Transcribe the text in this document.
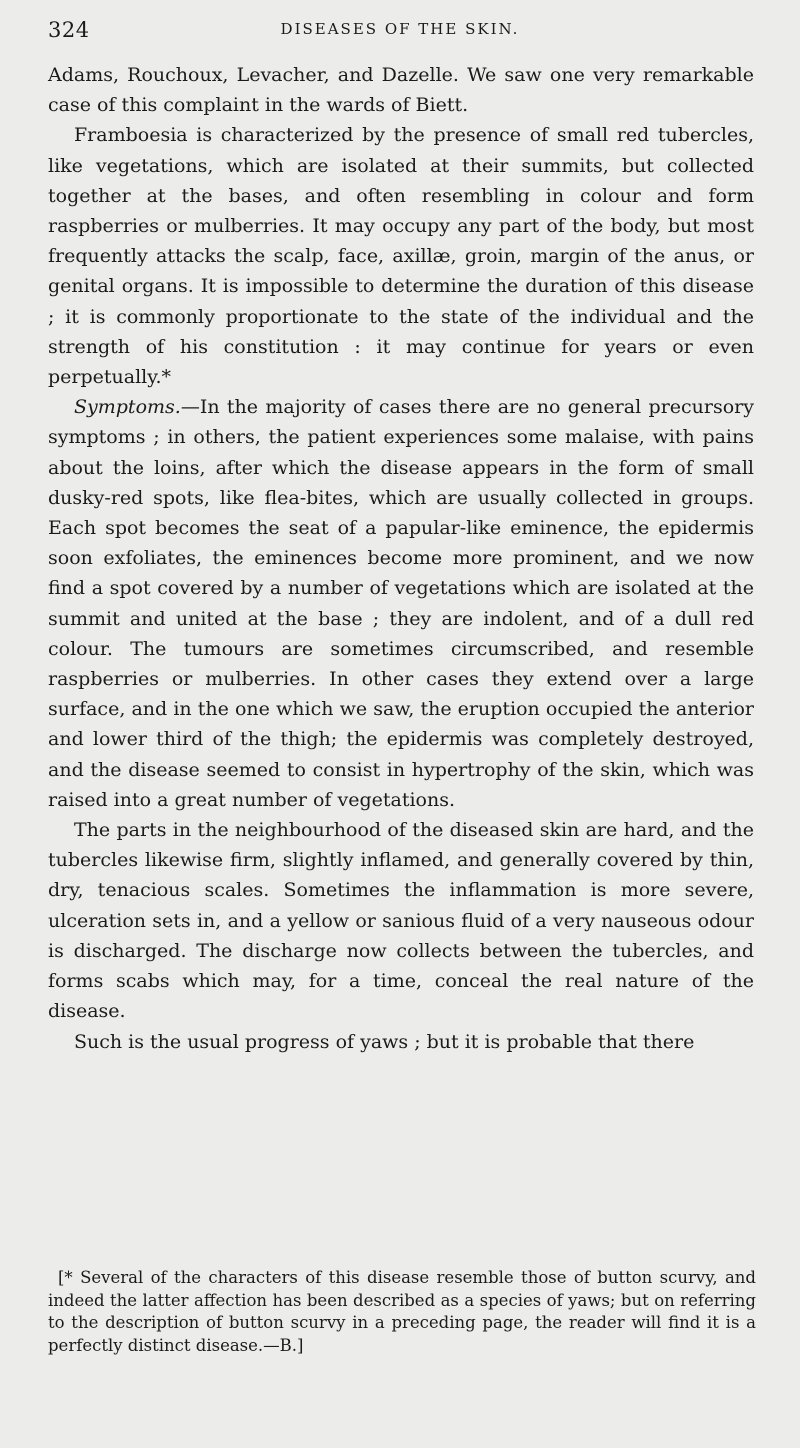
324	DISEASES OF THE SKIN.

Adams, Rouchoux, Levacher, and Dazelle. We saw one very remarkable case of this complaint in the wards of Biett.

Framboesia is characterized by the presence of small red tubercles, like vegetations, which are isolated at their summits, but collected together at the bases, and often resembling in colour and form raspberries or mulberries. It may occupy any part of the body, but most frequently attacks the scalp, face, axillæ, groin, margin of the anus, or genital organs. It is impossible to determine the duration of this disease ; it is commonly proportionate to the state of the individual and the strength of his constitution : it may continue for years or even perpetually.*

Symptoms.—In the majority of cases there are no general precursory symptoms ; in others, the patient experiences some malaise, with pains about the loins, after which the disease appears in the form of small dusky-red spots, like flea-bites, which are usually collected in groups. Each spot becomes the seat of a papular-like eminence, the epidermis soon exfoliates, the eminences become more prominent, and we now find a spot covered by a number of vegetations which are isolated at the summit and united at the base ; they are indolent, and of a dull red colour. The tumours are sometimes circumscribed, and resemble raspberries or mulberries. In other cases they extend over a large surface, and in the one which we saw, the eruption occupied the anterior and lower third of the thigh; the epidermis was completely destroyed, and the disease seemed to consist in hypertrophy of the skin, which was raised into a great number of vegetations.

The parts in the neighbourhood of the diseased skin are hard, and the tubercles likewise firm, slightly inflamed, and generally covered by thin, dry, tenacious scales. Sometimes the inflammation is more severe, ulceration sets in, and a yellow or sanious fluid of a very nauseous odour is discharged. The discharge now collects between the tubercles, and forms scabs which may, for a time, conceal the real nature of the disease.

Such is the usual progress of yaws ; but it is probable that there

[* Several of the characters of this disease resemble those of button scurvy, and indeed the latter affection has been described as a species of yaws; but on referring to the description of button scurvy in a preceding page, the reader will find it is a perfectly distinct disease.—B.]
